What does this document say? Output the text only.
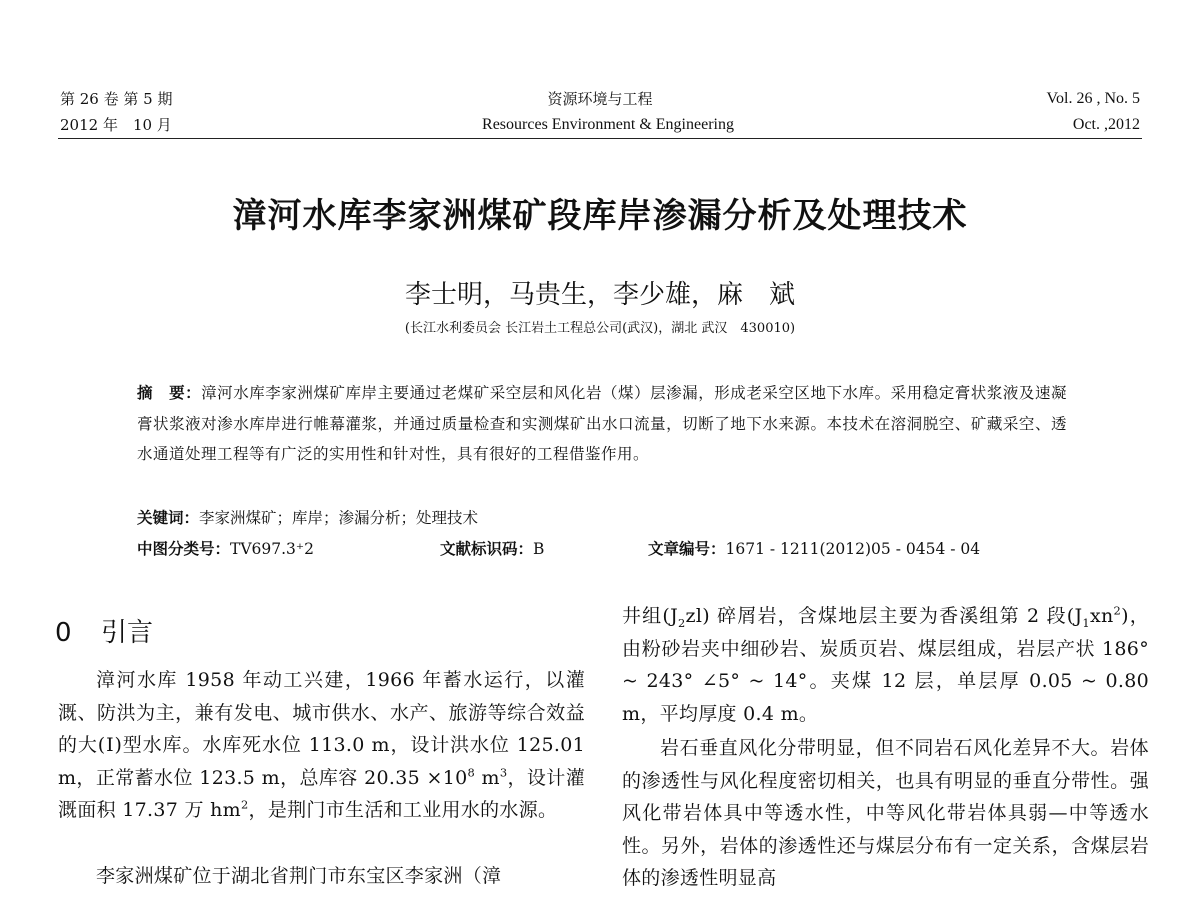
第 26 卷 第 5 期
2012 年　10 月
资源环境与工程
Resources Environment & Engineering
Vol. 26 , No. 5
Oct. ,2012
漳河水库李家洲煤矿段库岸渗漏分析及处理技术
李士明，马贵生，李少雄，麻　斌
(长江水利委员会 长江岩土工程总公司(武汉)，湖北 武汉　430010)
摘　要：漳河水库李家洲煤矿库岸主要通过老煤矿采空层和风化岩（煤）层渗漏，形成老采空区地下水库。采用稳定膏状浆液及速凝膏状浆液对渗水库岸进行帷幕灌浆，并通过质量检查和实测煤矿出水口流量，切断了地下水来源。本技术在溶洞脱空、矿藏采空、透水通道处理工程等有广泛的实用性和针对性，具有很好的工程借鉴作用。
关键词：李家洲煤矿；库岸；渗漏分析；处理技术
中图分类号：TV697.3⁺2	文献标识码：B	文章编号：1671 - 1211(2012)05 - 0454 - 04
0 引言
漳河水库 1958 年动工兴建，1966 年蓄水运行，以灌溉、防洪为主，兼有发电、城市供水、水产、旅游等综合效益的大(Ⅰ)型水库。水库死水位 113.0 m，设计洪水位 125.01 m，正常蓄水位 123.5 m，总库容 $20.35 \times 10^8$ $m^3$，设计灌溉面积 17.37 万 $hm^2$，是荆门市生活和工业用水的水源。
李家洲煤矿位于湖北省荆门市东宝区李家洲（漳
井组$(J_2zl)$ 碎屑岩，含煤地层主要为香溪组第 2 段$(J_1xn^2)$，由粉砂岩夹中细砂岩、炭质页岩、煤层组成，岩层产状 186° ~ 243° ∠5° ~ 14°。夹煤 12 层，单层厚 0.05 ~ 0.80 m，平均厚度 0.4 m。
岩石垂直风化分带明显，但不同岩石风化差异不大。岩体的渗透性与风化程度密切相关，也具有明显的垂直分带性。强风化带岩体具中等透水性，中等风化带岩体具弱—中等透水性。另外，岩体的渗透性还与煤层分布有一定关系，含煤层岩体的渗透性明显高
